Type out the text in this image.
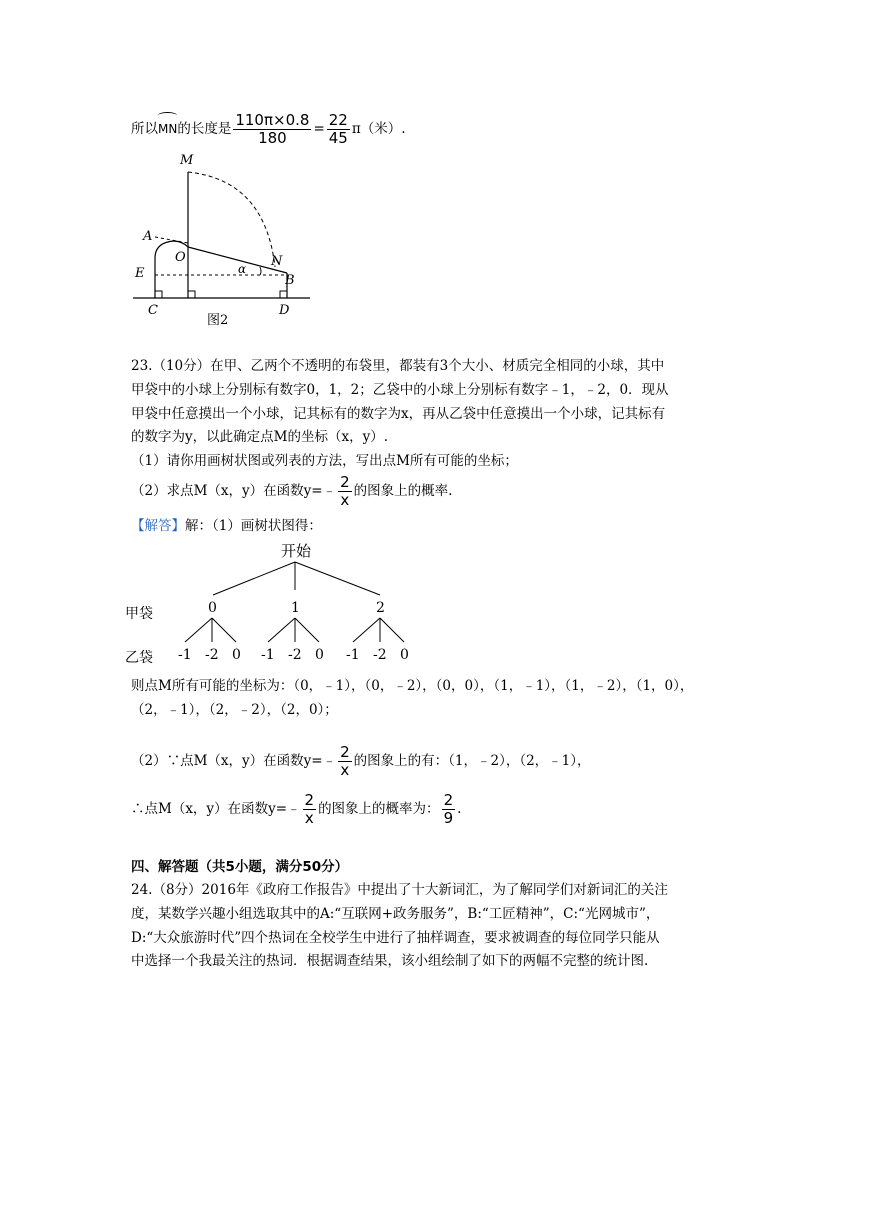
所以
MN的长度是 $\frac{110\pi\times 0.8}{180} = \frac{22}{45} \pi$（米）.
M
A
O	N
E	α
B
C	D
图2
23.（10分）在甲、乙两个不透明的布袋里，都装有3个大小、材质完全相同的小球，其中
甲袋中的小球上分别标有数字0，1，2；乙袋中的小球上分别标有数字﹣1，﹣2，0．现从
甲袋中任意摸出一个小球，记其标有的数字为x，再从乙袋中任意摸出一个小球，记其标有
的数字为y，以此确定点M的坐标（x，y）.
（1）请你用画树状图或列表的方法，写出点M所有可能的坐标；
（2）求点M（x，y）在函数y=﹣ $\frac{2}{x}$ 的图象上的概率.
【解答】解：（1）画树状图得：
开始
甲袋
乙袋
0	1	2
-1 -2 0 -1 -2 0 -1 -2 0
则点M所有可能的坐标为：（0，﹣1），（0，﹣2），（0，0），（1，﹣1），（1，﹣2），（1，0），
（2，﹣1），（2，﹣2），（2，0）；
（2）∵点M（x，y）在函数y=﹣ $\frac{2}{x}$ 的图象上的有：（1，﹣2），（2，﹣1），
∴点M（x，y）在函数y=﹣ $\frac{2}{x}$ 的图象上的概率为： $\frac{2}{9}$ .
四、解答题（共5小题，满分50分）
24.（8分）2016年《政府工作报告》中提出了十大新词汇，为了解同学们对新词汇的关注
度，某数学兴趣小组选取其中的A:“互联网+政务服务”，B:“工匠精神”，C:“光网城市”，
D:“大众旅游时代”四个热词在全校学生中进行了抽样调查，要求被调查的每位同学只能从
中选择一个我最关注的热词．根据调查结果，该小组绘制了如下的两幅不完整的统计图.
